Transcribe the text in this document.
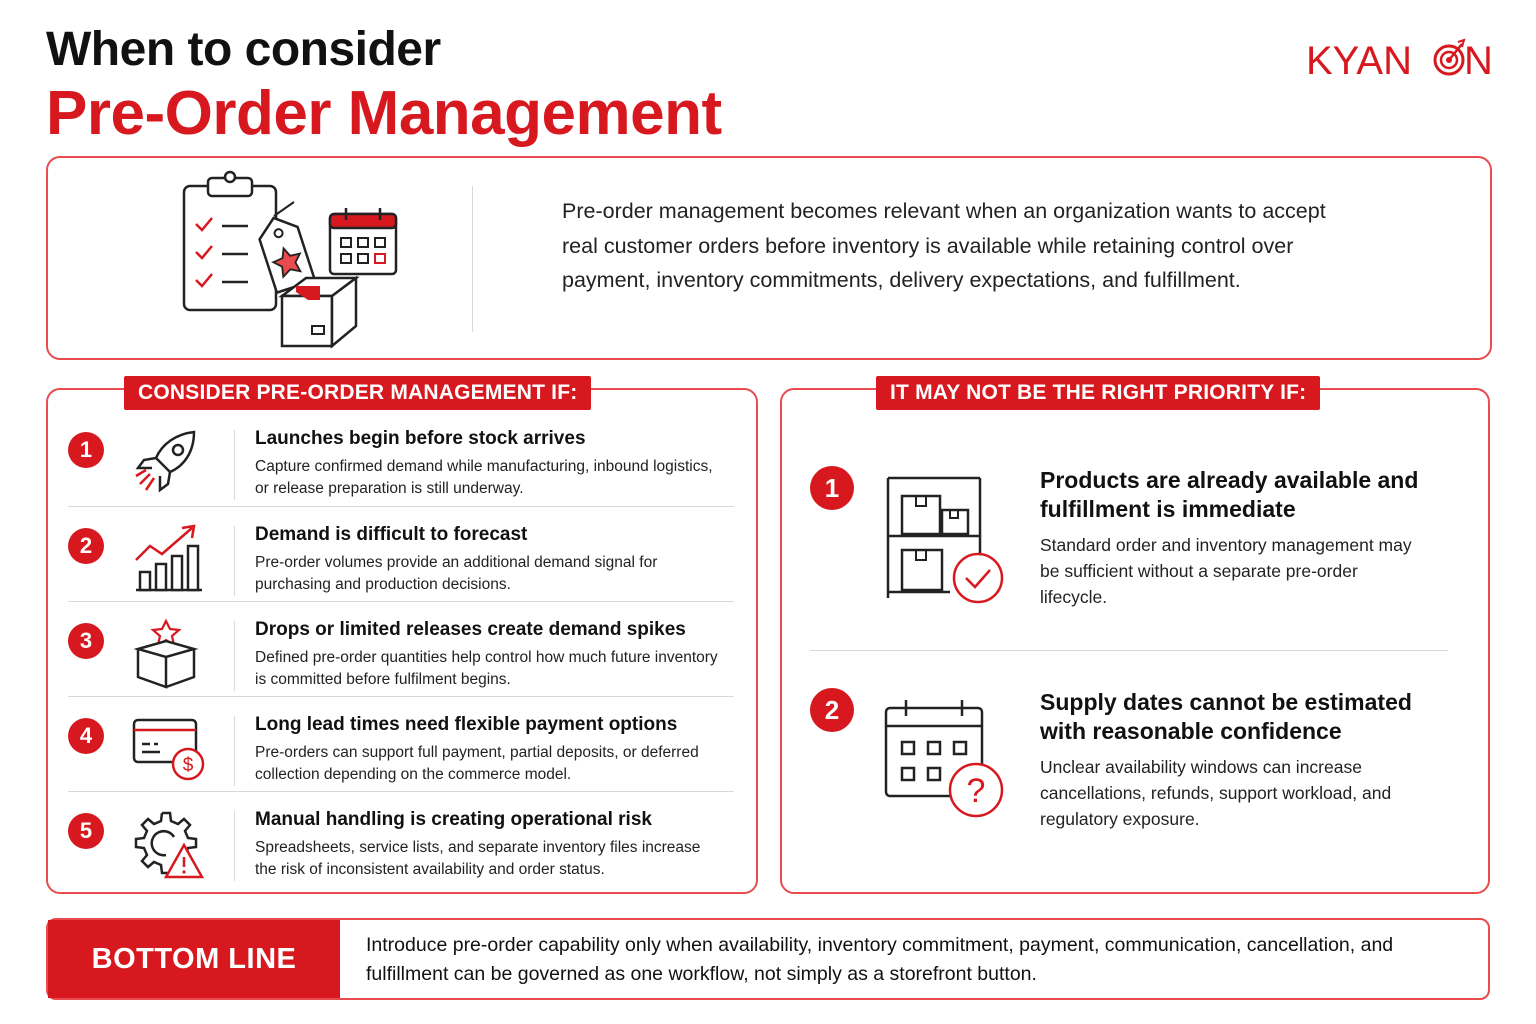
When to consider
Pre-Order Management
KYAN N
Pre-order management becomes relevant when an organization wants to accept real customer orders before inventory is available while retaining control over payment, inventory commitments, delivery expectations, and fulfillment.
CONSIDER PRE-ORDER MANAGEMENT IF:
1	Launches begin before stock arrives
Capture confirmed demand while manufacturing, inbound logistics, or release preparation is still underway.
2	Demand is difficult to forecast
Pre-order volumes provide an additional demand signal for purchasing and production decisions.
3	Drops or limited releases create demand spikes
Defined pre-order quantities help control how much future inventory is committed before fulfilment begins.
4
$
Long lead times need flexible payment options
Pre-orders can support full payment, partial deposits, or deferred collection depending on the commerce model.
5	Manual handling is creating operational risk
Spreadsheets, service lists, and separate inventory files increase the risk of inconsistent availability and order status.
IT MAY NOT BE THE RIGHT PRIORITY IF:
1	Products are already available and fulfillment is immediate
Standard order and inventory management may be sufficient without a separate pre-order lifecycle.
2
?
Supply dates cannot be estimated with reasonable confidence
Unclear availability windows can increase cancellations, refunds, support workload, and regulatory exposure.
BOTTOM LINE	Introduce pre-order capability only when availability, inventory commitment, payment, communication, cancellation, and fulfillment can be governed as one workflow, not simply as a storefront button.
